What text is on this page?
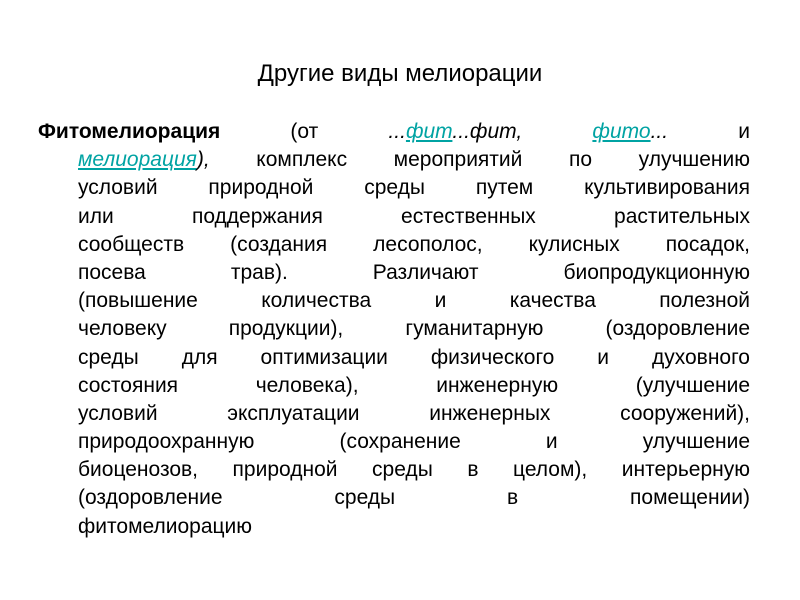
Другие виды мелиорации
Фитомелиорация	(от	...фит...фит,	фито...	и
мелиорация), комплекс мероприятий по улучшению
условий природной среды путем культивирования
или поддержания естественных растительных
сообществ (создания лесополос, кулисных посадок,
посева трав). Различают биопродукционную
(повышение количества и качества полезной
человеку продукции), гуманитарную (оздоровление
среды для оптимизации физического и духовного
состояния человека), инженерную (улучшение
условий эксплуатации инженерных сооружений),
природоохранную (сохранение и улучшение
биоценозов, природной среды в целом), интерьерную
(оздоровление среды в помещении)
фитомелиорацию
